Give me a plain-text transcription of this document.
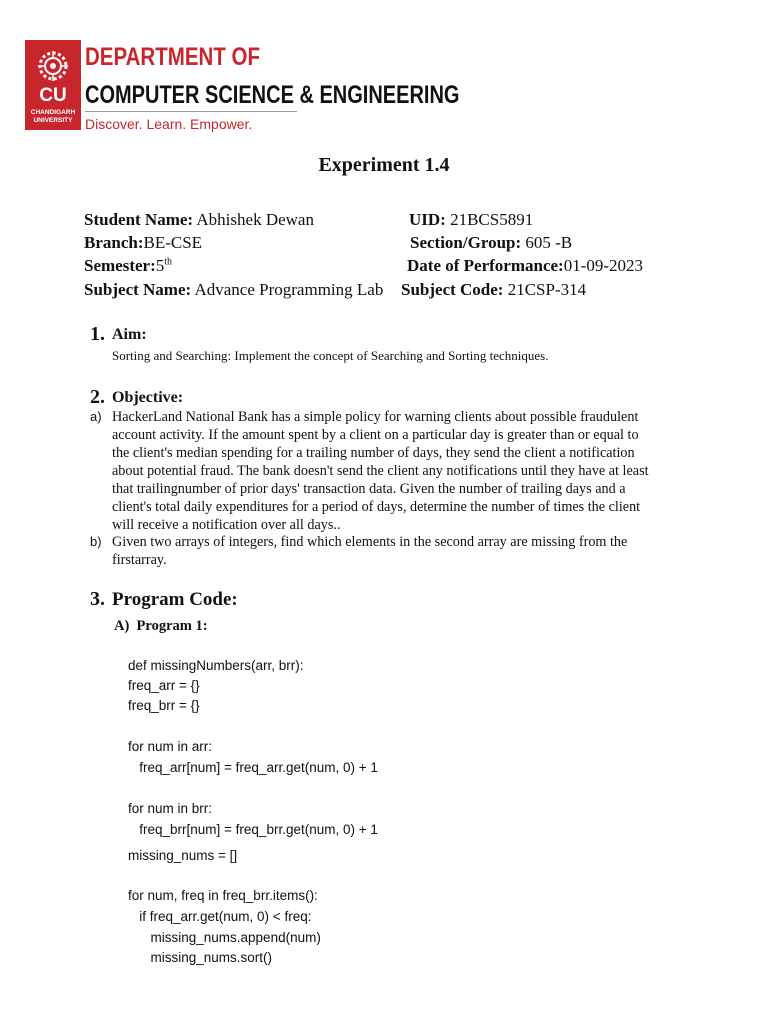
CU
CHANDIGARH
UNIVERSITY
DEPARTMENT OF
COMPUTER SCIENCE & ENGINEERING
Discover. Learn. Empower.
Experiment 1.4
Student Name: Abhishek Dewan	UID: 21BCS5891
Branch:BE-CSE	Section/Group: 605 -B
Semester:5th	Date of Performance:01-09-2023
Subject Name: Advance Programming Lab Subject Code: 21CSP-314
1. Aim:
Sorting and Searching: Implement the concept of Searching and Sorting techniques.
2. Objective:
a) HackerLand National Bank has a simple policy for warning clients about possible fraudulent
account activity. If the amount spent by a client on a particular day is greater than or equal to
the client's median spending for a trailing number of days, they send the client a notification
about potential fraud. The bank doesn't send the client any notifications until they have at least
that trailingnumber of prior days' transaction data. Given the number of trailing days and a
client's total daily expenditures for a period of days, determine the number of times the client
will receive a notification over all days..
b) Given two arrays of integers, find which elements in the second array are missing from the
firstarray.
3. Program Code:
A)  Program 1:
def missingNumbers(arr, brr):
freq_arr = {}
freq_brr = {}
for num in arr:
freq_arr[num] = freq_arr.get(num, 0) + 1
for num in brr:
freq_brr[num] = freq_brr.get(num, 0) + 1
missing_nums = []
for num, freq in freq_brr.items():
if freq_arr.get(num, 0) < freq:
missing_nums.append(num)
missing_nums.sort()
